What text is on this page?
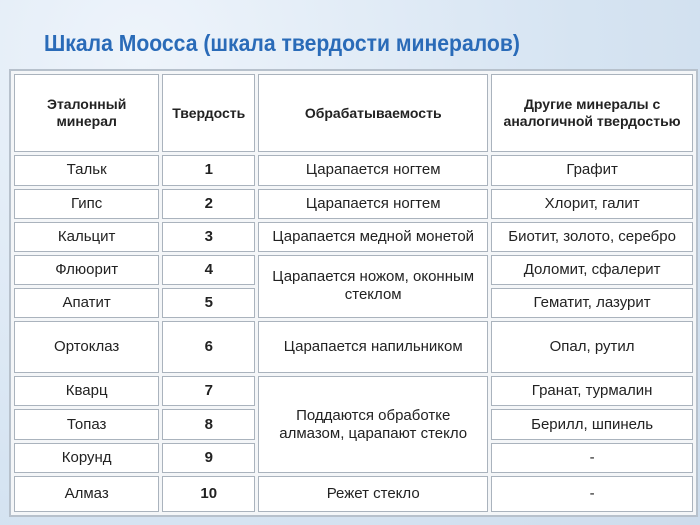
Шкала Моосса (шкала твердости минералов)
Эталонный минерал	Твердость	Обрабатываемость	Другие минералы с аналогичной твердостью
Тальк	1	Царапается ногтем	Графит
Гипс	2	Царапается ногтем	Хлорит, галит
Кальцит	3	Царапается медной монетой	Биотит, золото, серебро
Флюорит	4	Царапается ножом, оконным стеклом	Доломит, сфалерит
Апатит	5		Гематит, лазурит
Ортоклаз	6	Царапается напильником	Опал, рутил
Кварц	7	Поддаются обработке алмазом, царапают стекло	Гранат, турмалин
Топаз	8		Берилл, шпинель
Корунд	9		-
Алмаз	10	Режет стекло	-
